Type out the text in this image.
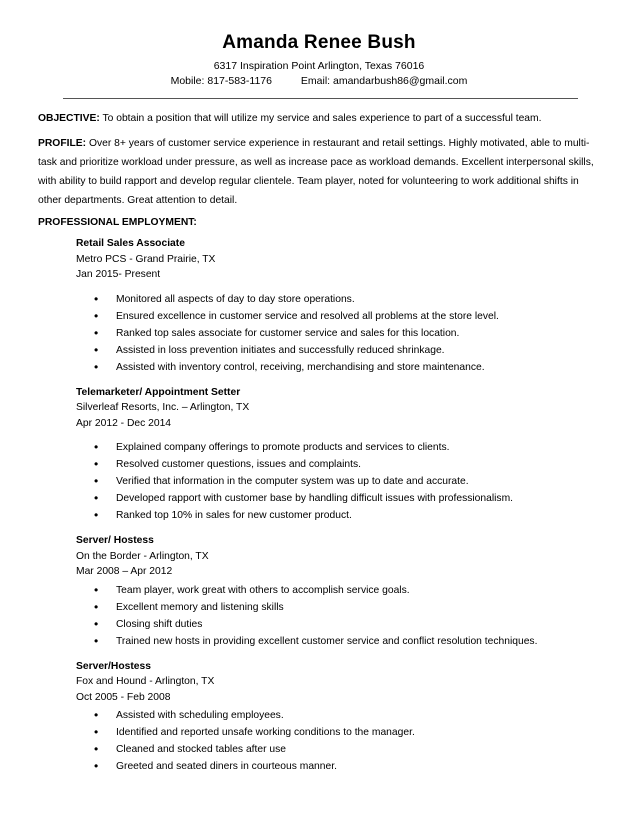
Amanda Renee Bush
6317 Inspiration Point Arlington, Texas 76016
Mobile: 817-583-1176	Email: amandarbush86@gmail.com
OBJECTIVE: To obtain a position that will utilize my service and sales experience to part of a successful team.
PROFILE: Over 8+ years of customer service experience in restaurant and retail settings. Highly motivated, able to multi-task and prioritize workload under pressure, as well as increase pace as workload demands. Excellent interpersonal skills, with ability to build rapport and develop regular clientele. Team player, noted for volunteering to work additional shifts in other departments. Great attention to detail.
PROFESSIONAL EMPLOYMENT:
Retail Sales Associate
Metro PCS - Grand Prairie, TX
Jan 2015- Present
• Monitored all aspects of day to day store operations.
• Ensured excellence in customer service and resolved all problems at the store level.
• Ranked top sales associate for customer service and sales for this location.
• Assisted in loss prevention initiates and successfully reduced shrinkage.
• Assisted with inventory control, receiving, merchandising and store maintenance.
Telemarketer/ Appointment Setter
Silverleaf Resorts, Inc. – Arlington, TX
Apr 2012 - Dec 2014
• Explained company offerings to promote products and services to clients.
• Resolved customer questions, issues and complaints.
• Verified that information in the computer system was up to date and accurate.
• Developed rapport with customer base by handling difficult issues with professionalism.
• Ranked top 10% in sales for new customer product.
Server/ Hostess
On the Border - Arlington, TX
Mar 2008 – Apr 2012
• Team player, work great with others to accomplish service goals.
• Excellent memory and listening skills
• Closing shift duties
• Trained new hosts in providing excellent customer service and conflict resolution techniques.
Server/Hostess
Fox and Hound - Arlington, TX
Oct 2005 - Feb 2008
• Assisted with scheduling employees.
• Identified and reported unsafe working conditions to the manager.
• Cleaned and stocked tables after use
• Greeted and seated diners in courteous manner.
